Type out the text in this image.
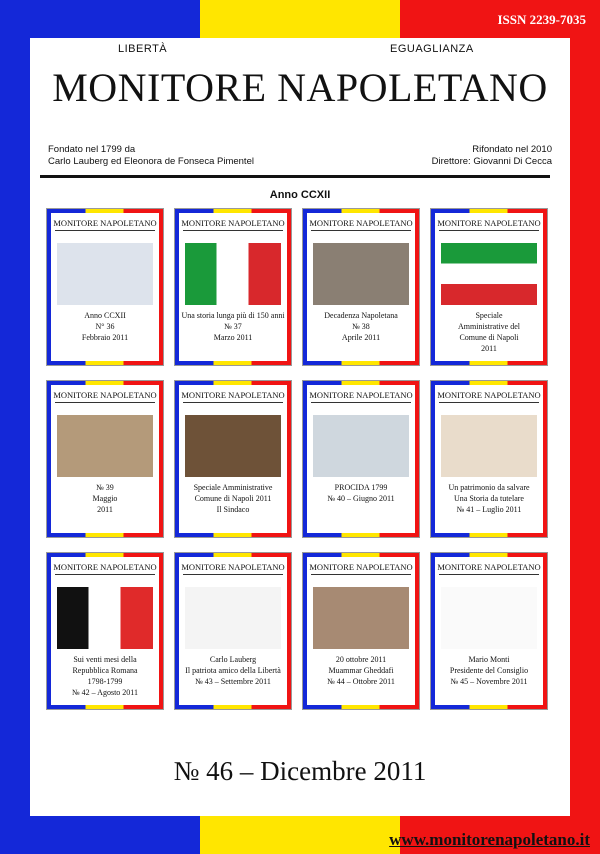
ISSN 2239-7035
LIBERTÀ	EGUAGLIANZA
MONITORE NAPOLETANO
Fondato nel 1799 da
Carlo Lauberg ed Eleonora de Fonseca Pimentel
Rifondato nel 2010
Direttore: Giovanni Di Cecca
Anno CCXII
MONITORE NAPOLETANO
Anno CCXII
N° 36
Febbraio 2011
MONITORE NAPOLETANO
Una storia lunga più di 150 anni
№ 37
Marzo 2011
MONITORE NAPOLETANO
Decadenza Napoletana
№ 38
Aprile 2011
MONITORE NAPOLETANO
Speciale
Amministrative del
Comune di Napoli
2011
MONITORE NAPOLETANO
№ 39
Maggio
2011
MONITORE NAPOLETANO
Speciale Amministrative
Comune di Napoli 2011
Il Sindaco
MONITORE NAPOLETANO
PROCIDA 1799
№ 40 – Giugno 2011
MONITORE NAPOLETANO
Un patrimonio da salvare
Una Storia da tutelare
№ 41 – Luglio 2011
MONITORE NAPOLETANO
Sui venti mesi della
Repubblica Romana
1798-1799
№ 42 – Agosto 2011
MONITORE NAPOLETANO
Carlo Lauberg
Il patriota amico della Libertà
№ 43 – Settembre 2011
MONITORE NAPOLETANO
20 ottobre 2011
Muammar Gheddafi
№ 44 – Ottobre 2011
MONITORE NAPOLETANO
Mario Monti
Presidente del Consiglio
№ 45 – Novembre 2011
№ 46 – Dicembre 2011
www.monitorenapoletano.it
